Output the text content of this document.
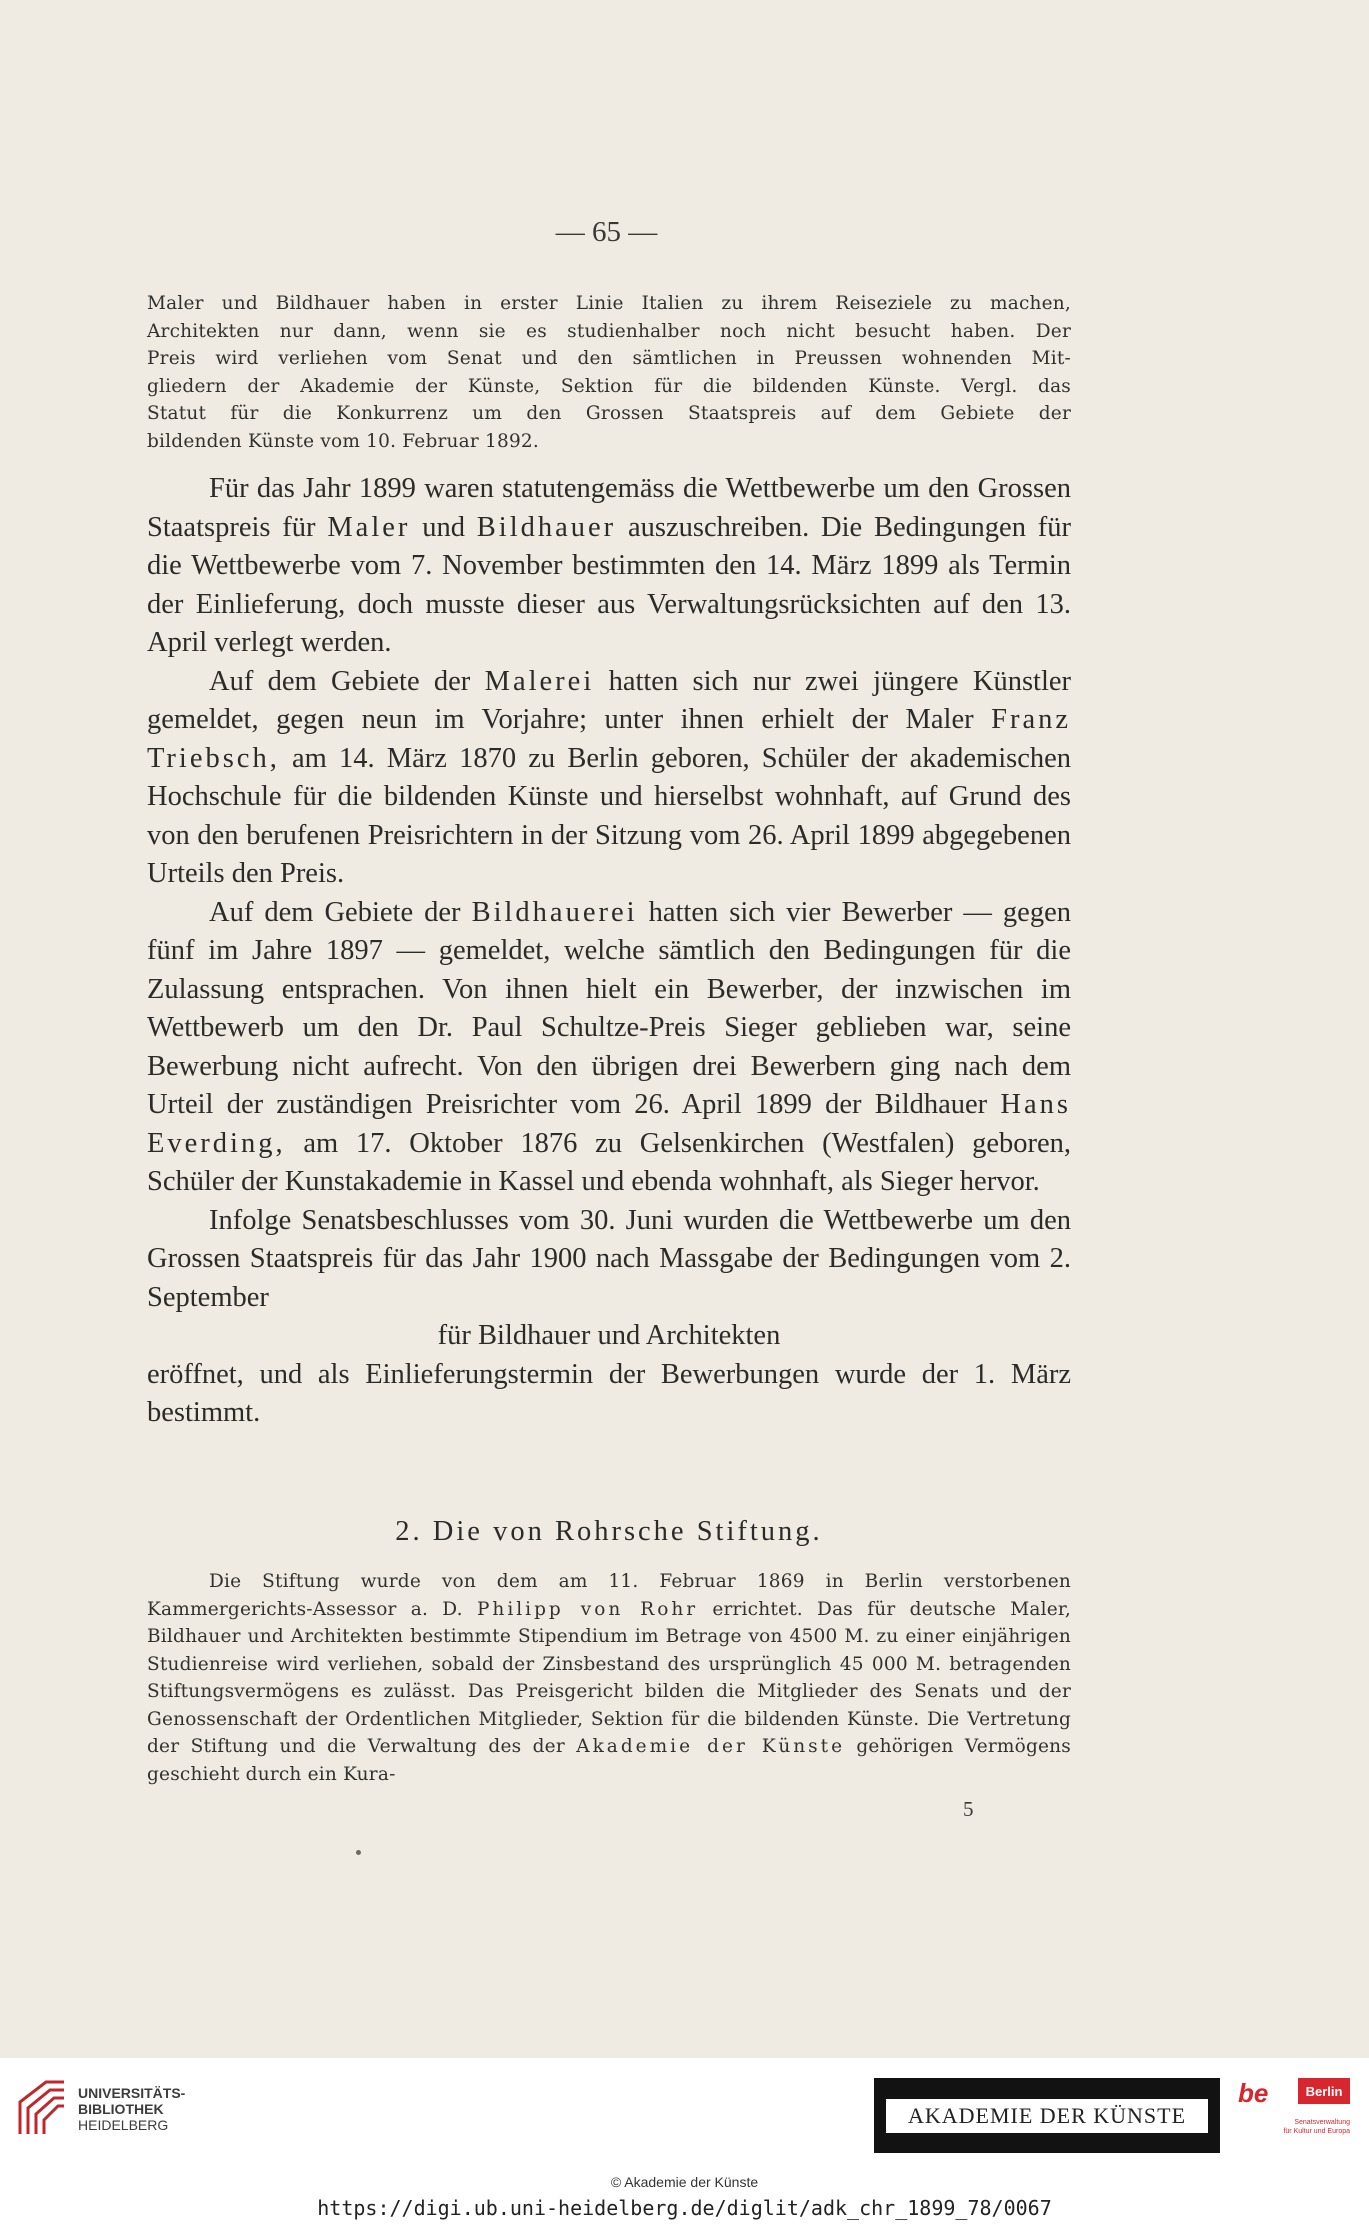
— 65 —

Maler und Bildhauer haben in erster Linie Italien zu ihrem Reiseziele zu machen,

Architekten nur dann, wenn sie es studienhalber noch nicht besucht haben. Der

Preis wird verliehen vom Senat und den sämtlichen in Preussen wohnenden Mit-

gliedern der Akademie der Künste, Sektion für die bildenden Künste. Vergl. das

Statut für die Konkurrenz um den Grossen Staatspreis auf dem Gebiete der

bildenden Künste vom 10. Februar 1892.

Für das Jahr 1899 waren statutengemäss die Wettbewerbe um den Grossen Staatspreis für Maler und Bildhauer auszuschreiben. Die Bedingungen für die Wettbewerbe vom 7. November bestimmten den 14. März 1899 als Termin der Einlieferung, doch musste dieser aus Verwaltungsrücksichten auf den 13. April verlegt werden.

Auf dem Gebiete der Malerei hatten sich nur zwei jüngere Künstler gemeldet, gegen neun im Vorjahre; unter ihnen erhielt der Maler Franz Triebsch, am 14. März 1870 zu Berlin geboren, Schüler der akademischen Hochschule für die bildenden Künste und hierselbst wohnhaft, auf Grund des von den berufenen Preisrichtern in der Sitzung vom 26. April 1899 abgegebenen Urteils den Preis.

Auf dem Gebiete der Bildhauerei hatten sich vier Bewerber — gegen fünf im Jahre 1897 — gemeldet, welche sämtlich den Bedingungen für die Zulassung entsprachen. Von ihnen hielt ein Bewerber, der inzwischen im Wettbewerb um den Dr. Paul Schultze-Preis Sieger geblieben war, seine Bewerbung nicht aufrecht. Von den übrigen drei Bewerbern ging nach dem Urteil der zuständigen Preisrichter vom 26. April 1899 der Bildhauer Hans Everding, am 17. Oktober 1876 zu Gelsenkirchen (Westfalen) geboren, Schüler der Kunstakademie in Kassel und ebenda wohnhaft, als Sieger hervor.

Infolge Senatsbeschlusses vom 30. Juni wurden die Wettbewerbe um den Grossen Staatspreis für das Jahr 1900 nach Massgabe der Bedingungen vom 2. September

für Bildhauer und Architekten

eröffnet, und als Einlieferungstermin der Bewerbungen wurde der 1. März bestimmt.

2. Die von Rohrsche Stiftung.

Die Stiftung wurde von dem am 11. Februar 1869 in Berlin verstorbenen Kammergerichts-Assessor a. D. Philipp von Rohr errichtet. Das für deutsche Maler, Bildhauer und Architekten bestimmte Stipendium im Betrage von 4500 M. zu einer einjährigen Studienreise wird verliehen, sobald der Zinsbestand des ursprünglich 45 000 M. betragenden Stiftungsvermögens es zulässt. Das Preisgericht bilden die Mitglieder des Senats und der Genossenschaft der Ordentlichen Mitglieder, Sektion für die bildenden Künste. Die Vertretung der Stiftung und die Verwaltung des der Akademie der Künste gehörigen Vermögens geschieht durch ein Kura-

5
UNIVERSITÄTS-
BIBLIOTHEK
HEIDELBERG	AKADEMIE DER KÜNSTE
be	Berlin
Senatsverwaltung
für Kultur und Europa
© Akademie der Künste
https://digi.ub.uni-heidelberg.de/diglit/adk_chr_1899_78/0067
